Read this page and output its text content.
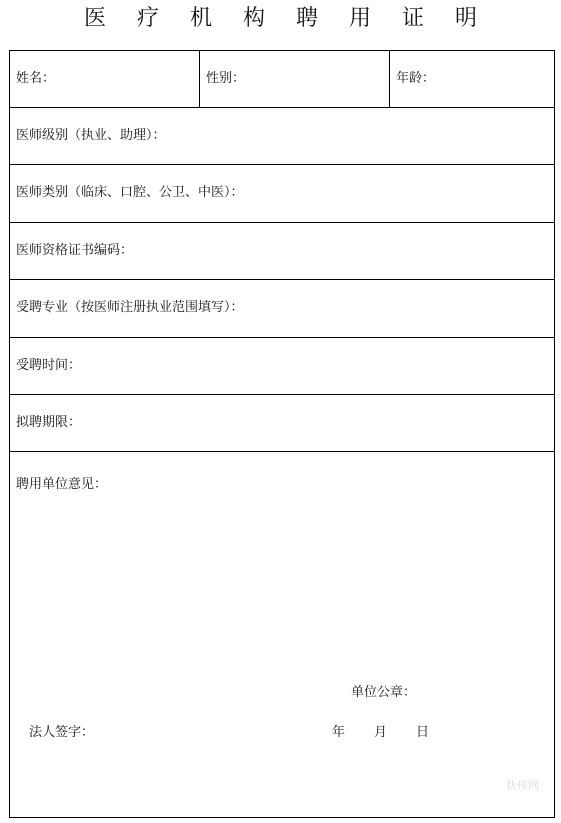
医 疗 机 构 聘 用 证 明
姓名：	性别：	年龄：
医师级别（执业、助理）：
医师类别（临床、口腔、公卫、中医）：
医师资格证书编码：
受聘专业（按医师注册执业范围填写）：
受聘时间：
拟聘期限：
聘用单位意见：
单位公章：
法人签字：	年 月 日
快传网
